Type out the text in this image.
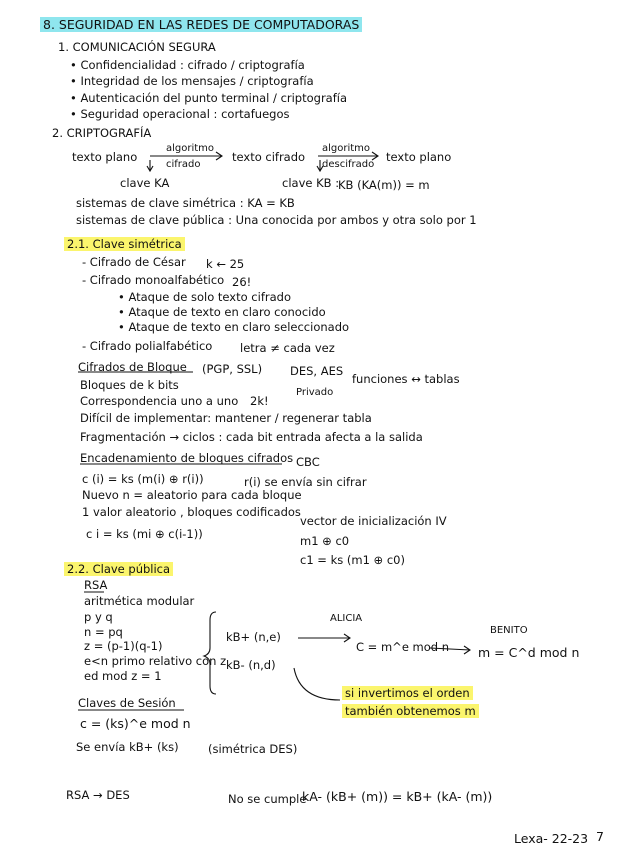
8. SEGURIDAD EN LAS REDES DE COMPUTADORAS
1. COMUNICACIÓN SEGURA
• Confidencialidad : cifrado / criptografía
• Integridad de los mensajes / criptografía
• Autenticación del punto terminal / criptografía
• Seguridad operacional : cortafuegos
2. CRIPTOGRAFÍA
texto plano
algoritmo
cifrado
texto cifrado
algoritmo
descifrado
texto plano
clave KA	clave KB :
KB (KA(m)) = m
sistemas de clave simétrica : KA = KB
sistemas de clave pública : Una conocida por ambos y otra solo por 1
2.1. Clave simétrica
- Cifrado de César k ← 25
- Cifrado monoalfabético 26!
• Ataque de solo texto cifrado
• Ataque de texto en claro conocido
• Ataque de texto en claro seleccionado
- Cifrado polialfabético letra ≠ cada vez
Cifrados de Bloque (PGP, SSL) DES, AES
funciones ↔ tablas
Privado
Bloques de k bits
Correspondencia uno a uno 2k!
Difícil de implementar: mantener / regenerar tabla
Fragmentación → ciclos : cada bit entrada afecta a la salida
Encadenamiento de bloques cifrados CBC
c (i) = ks (m(i) ⊕ r(i))	r(i) se envía sin cifrar
Nuevo n = aleatorio para cada bloque
1 valor aleatorio , bloques codificados
vector de inicialización IV
c i = ks (mi ⊕ c(i-1))	m1 ⊕ c0
c1 = ks (m1 ⊕ c0)
2.2. Clave pública
RSA
aritmética modular
p y q
n = pq
z = (p-1)(q-1)
e<n primo relativo con z
ed mod z = 1
kB+ (n,e)
kB- (n,d)
ALICIA
BENITO
C = m^e mod n m = C^d mod n
si invertimos el orden
también obtenemos m
Claves de Sesión
c = (ks)^e mod n
Se envía kB+ (ks)	(simétrica DES)
RSA → DES	No se cumple
kA- (kB+ (m)) = kB+ (kA- (m))
Lexa- 22-23 7
